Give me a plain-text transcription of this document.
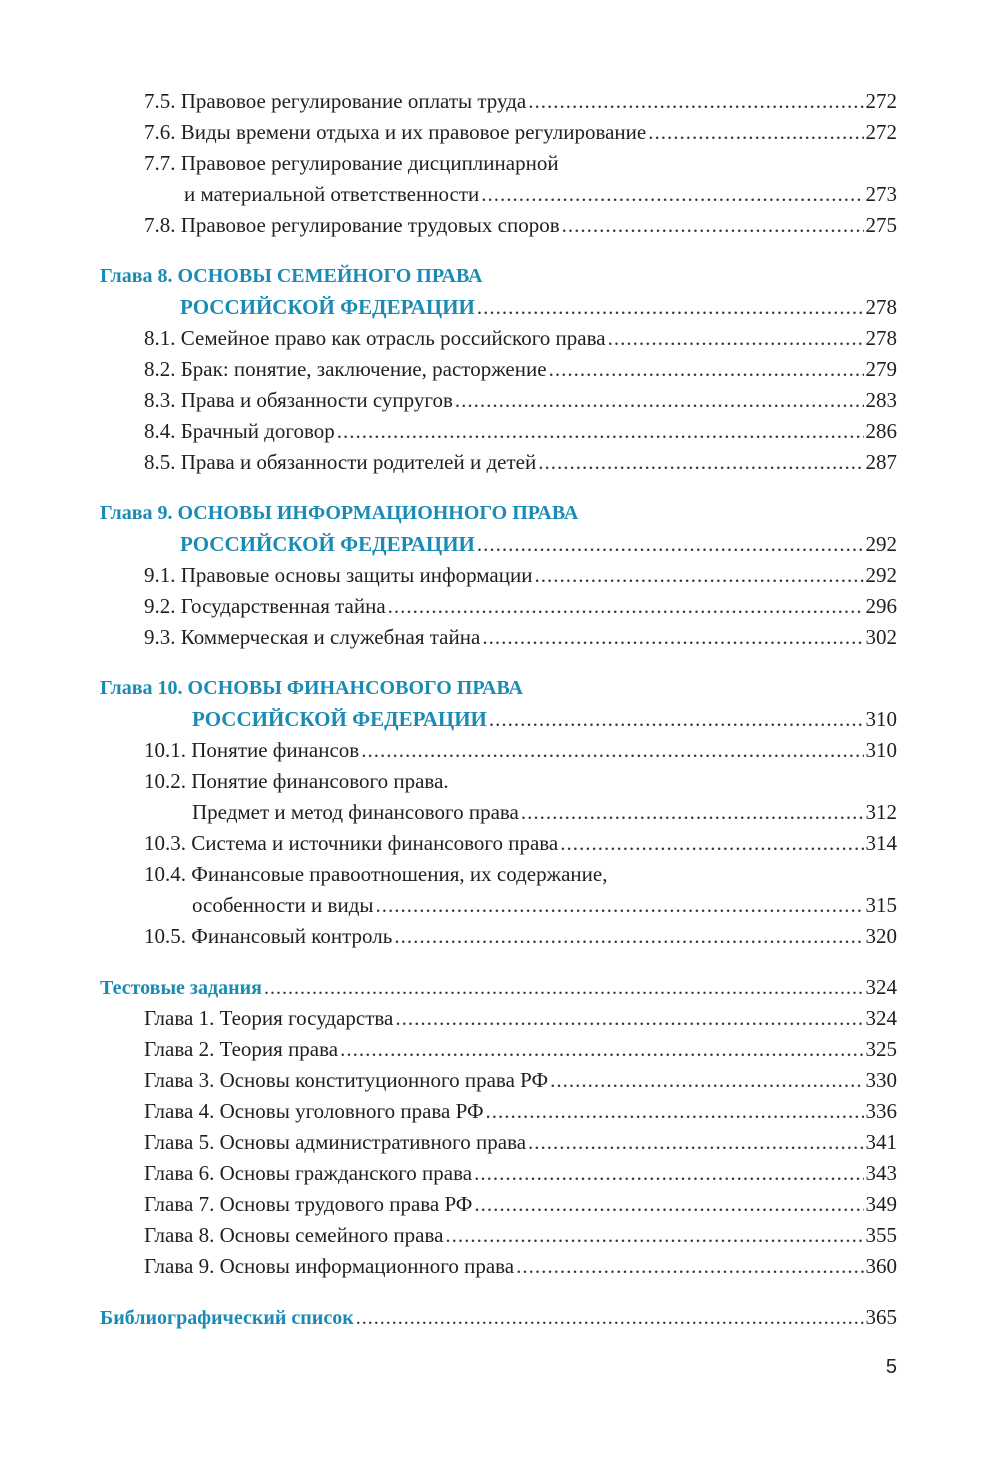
7.5. Правовое регулирование оплаты труда .....	272
7.6. Виды времени отдыха и их правовое регулирование .....	272
7.7. Правовое регулирование дисциплинарной
и материальной ответственности .....	273
7.8. Правовое регулирование трудовых споров .....	275
Глава 8. ОСНОВЫ СЕМЕЙНОГО ПРАВА
РОССИЙСКОЙ ФЕДЕРАЦИИ .....	278
8.1. Семейное право как отрасль российского права .....	278
8.2. Брак: понятие, заключение, расторжение .....	279
8.3. Права и обязанности супругов .....	283
8.4. Брачный договор .....	286
8.5. Права и обязанности родителей и детей .....	287
Глава 9. ОСНОВЫ ИНФОРМАЦИОННОГО ПРАВА
РОССИЙСКОЙ ФЕДЕРАЦИИ .....	292
9.1. Правовые основы защиты информации .....	292
9.2. Государственная тайна .....	296
9.3. Коммерческая и служебная тайна .....	302
Глава 10. ОСНОВЫ ФИНАНСОВОГО ПРАВА
РОССИЙСКОЙ ФЕДЕРАЦИИ .....	310
10.1. Понятие финансов .....	310
10.2. Понятие финансового права.
Предмет и метод финансового права .....	312
10.3. Система и источники финансового права .....	314
10.4. Финансовые правоотношения, их содержание,
особенности и виды .....	315
10.5. Финансовый контроль .....	320
Тестовые задания .....	324
Глава 1. Теория государства .....	324
Глава 2. Теория права .....	325
Глава 3. Основы конституционного права РФ .....	330
Глава 4. Основы уголовного права РФ .....	336
Глава 5. Основы административного права .....	341
Глава 6. Основы гражданского права .....	343
Глава 7. Основы трудового права РФ .....	349
Глава 8. Основы семейного права .....	355
Глава 9. Основы информационного права .....	360
Библиографический список .....	365
5
